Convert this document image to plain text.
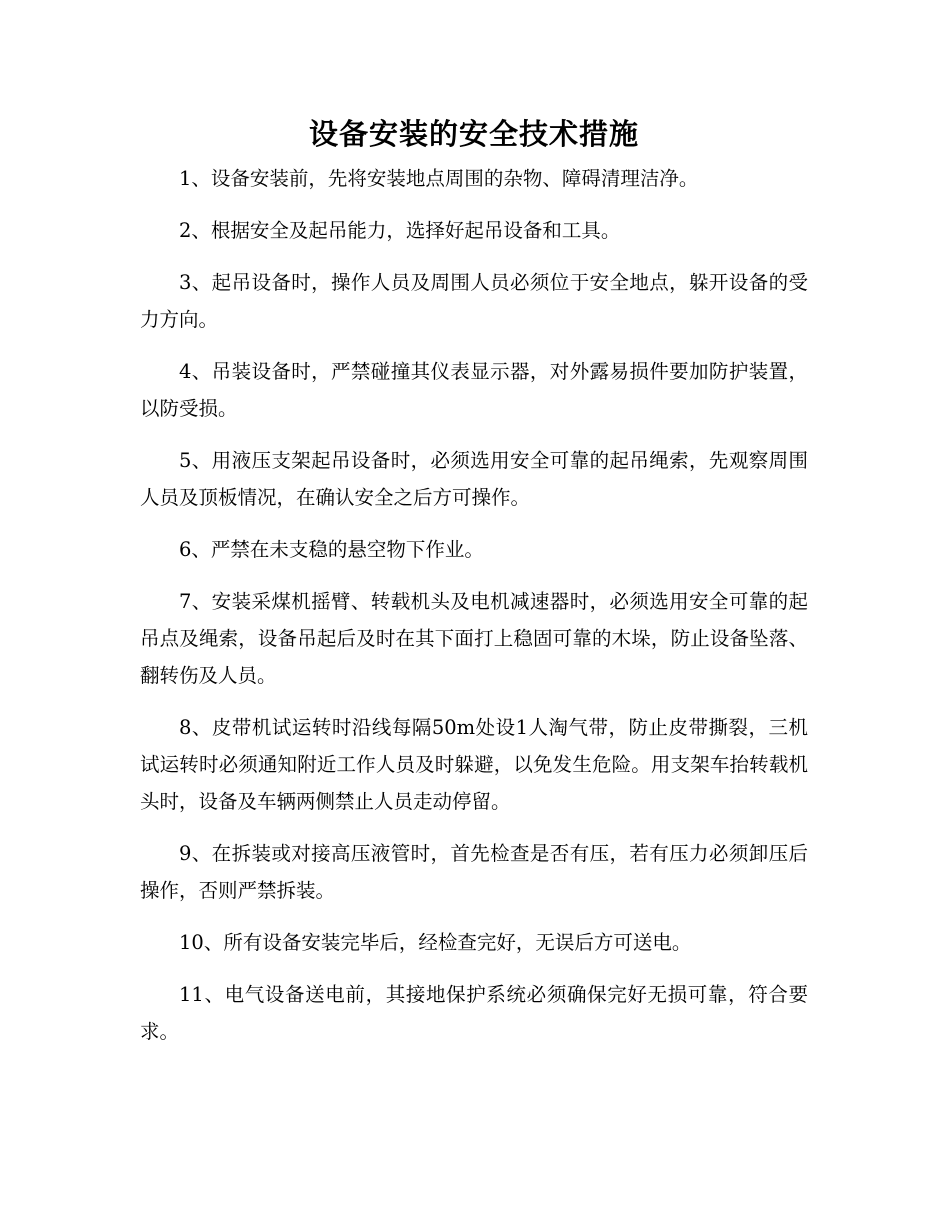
设备安装的安全技术措施

1、设备安装前，先将安装地点周围的杂物、障碍清理洁净。

2、根据安全及起吊能力，选择好起吊设备和工具。

3、起吊设备时，操作人员及周围人员必须位于安全地点，躲开设备的受力方向。

4、吊装设备时，严禁碰撞其仪表显示器，对外露易损件要加防护装置，以防受损。

5、用液压支架起吊设备时，必须选用安全可靠的起吊绳索，先观察周围人员及顶板情况，在确认安全之后方可操作。

6、严禁在未支稳的悬空物下作业。

7、安装采煤机摇臂、转载机头及电机减速器时，必须选用安全可靠的起吊点及绳索，设备吊起后及时在其下面打上稳固可靠的木垛，防止设备坠落、翻转伤及人员。

8、皮带机试运转时沿线每隔50m处设1人淘气带，防止皮带撕裂，三机试运转时必须通知附近工作人员及时躲避，以免发生危险。用支架车抬转载机头时，设备及车辆两侧禁止人员走动停留。

9、在拆装或对接高压液管时，首先检查是否有压，若有压力必须卸压后操作，否则严禁拆装。

10、所有设备安装完毕后，经检查完好，无误后方可送电。

11、电气设备送电前，其接地保护系统必须确保完好无损可靠，符合要求。
